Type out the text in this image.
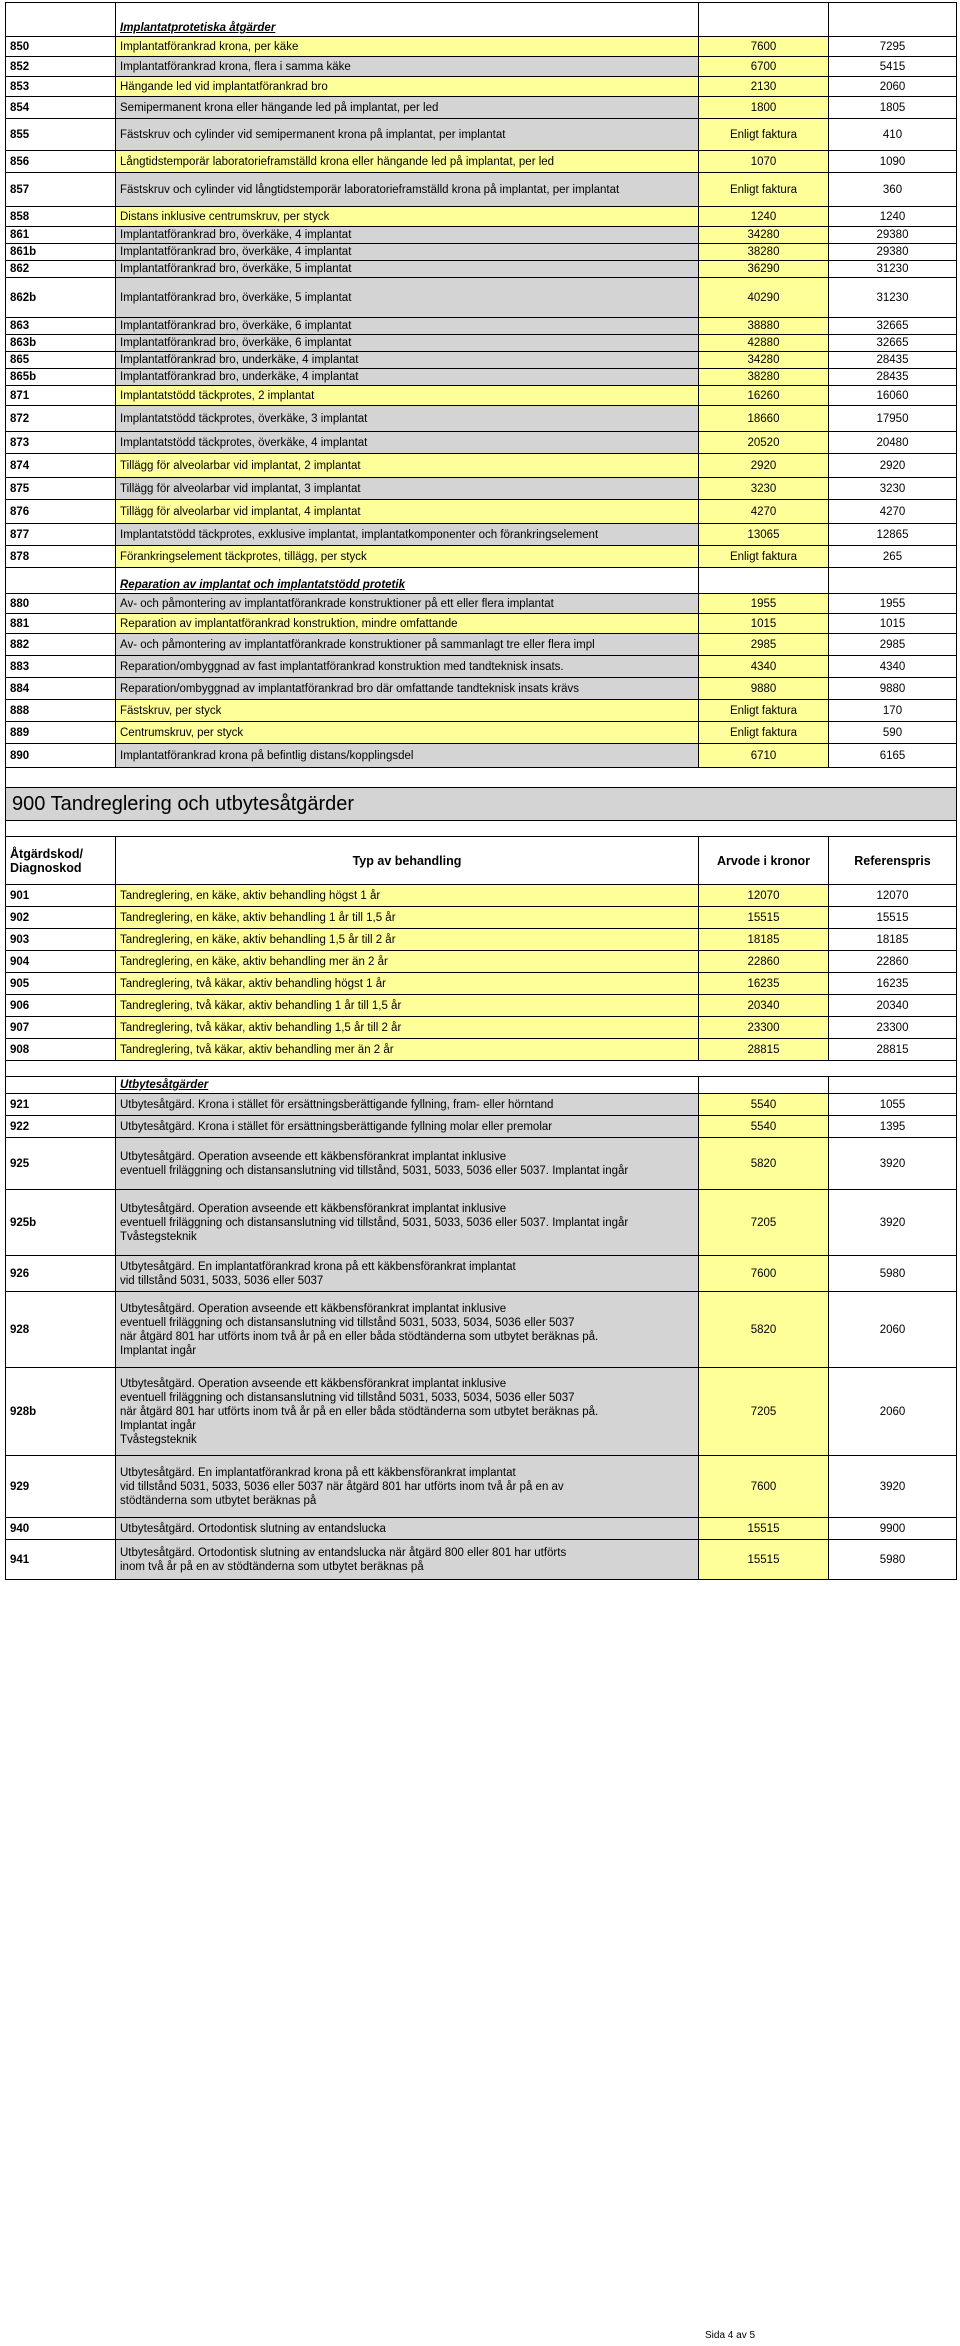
	Implantatprotetiska åtgärder		
850	Implantatförankrad krona, per käke	7600	7295
852	Implantatförankrad krona, flera i samma käke	6700	5415
853	Hängande led vid implantatförankrad bro	2130	2060
854	Semipermanent krona eller hängande led på implantat, per led	1800	1805
855	Fästskruv och cylinder vid semipermanent krona på implantat, per implantat	Enligt faktura	410
856	Långtidstemporär laboratorieframställd krona eller hängande led på implantat, per led	1070	1090
857	Fästskruv och cylinder vid långtidstemporär laboratorieframställd krona på implantat, per implantat	Enligt faktura	360
858	Distans inklusive centrumskruv, per styck	1240	1240
861	Implantatförankrad bro, överkäke, 4 implantat	34280	29380
861b	Implantatförankrad bro, överkäke, 4 implantat	38280	29380
862	Implantatförankrad bro, överkäke, 5 implantat	36290	31230
862b	Implantatförankrad bro, överkäke, 5 implantat	40290	31230
863	Implantatförankrad bro, överkäke, 6 implantat	38880	32665
863b	Implantatförankrad bro, överkäke, 6 implantat	42880	32665
865	Implantatförankrad bro, underkäke, 4 implantat	34280	28435
865b	Implantatförankrad bro, underkäke, 4 implantat	38280	28435
871	Implantatstödd täckprotes, 2 implantat	16260	16060
872	Implantatstödd täckprotes, överkäke, 3 implantat	18660	17950
873	Implantatstödd täckprotes, överkäke, 4 implantat	20520	20480
874	Tillägg för alveolarbar vid implantat, 2 implantat	2920	2920
875	Tillägg för alveolarbar vid implantat, 3 implantat	3230	3230
876	Tillägg för alveolarbar vid implantat, 4 implantat	4270	4270
877	Implantatstödd täckprotes, exklusive implantat, implantatkomponenter och förankringselement	13065	12865
878	Förankringselement täckprotes, tillägg, per styck	Enligt faktura	265
	Reparation av implantat och implantatstödd protetik		
880	Av- och påmontering av implantatförankrade konstruktioner på ett eller flera implantat	1955	1955
881	Reparation av implantatförankrad konstruktion, mindre omfattande	1015	1015
882	Av- och påmontering av implantatförankrade konstruktioner på sammanlagt tre eller flera impl	2985	2985
883	Reparation/ombyggnad av fast implantatförankrad konstruktion med tandteknisk insats.	4340	4340
884	Reparation/ombyggnad av implantatförankrad bro där omfattande tandteknisk insats krävs	9880	9880
888	Fästskruv, per styck	Enligt faktura	170
889	Centrumskruv, per styck	Enligt faktura	590
890	Implantatförankrad krona på befintlig distans/kopplingsdel	6710	6165

900 Tandreglering och utbytesåtgärder			

Åtgärdskod/ Diagnoskod	Typ av behandling	Arvode i kronor	Referenspris
901	Tandreglering, en käke, aktiv behandling högst 1 år	12070	12070
902	Tandreglering, en käke, aktiv behandling 1 år till 1,5 år	15515	15515
903	Tandreglering, en käke, aktiv behandling 1,5 år till 2 år	18185	18185
904	Tandreglering, en käke, aktiv behandling mer än 2 år	22860	22860
905	Tandreglering, två käkar, aktiv behandling högst 1 år	16235	16235
906	Tandreglering, två käkar, aktiv behandling 1 år till 1,5 år	20340	20340
907	Tandreglering, två käkar, aktiv behandling 1,5 år till 2 år	23300	23300
908	Tandreglering, två käkar, aktiv behandling mer än 2 år	28815	28815

	Utbytesåtgärder		
921	Utbytesåtgärd. Krona i stället för ersättningsberättigande fyllning, fram- eller hörntand	5540	1055
922	Utbytesåtgärd. Krona i stället för ersättningsberättigande fyllning molar eller premolar	5540	1395
925	Utbytesåtgärd. Operation avseende ett käkbensförankrat implantat inklusive
eventuell friläggning och distansanslutning vid tillstånd, 5031, 5033, 5036 eller 5037. Implantat ingår	5820	3920
925b	Utbytesåtgärd. Operation avseende ett käkbensförankrat implantat inklusive
eventuell friläggning och distansanslutning vid tillstånd, 5031, 5033, 5036 eller 5037. Implantat ingår
Tvåstegsteknik	7205	3920
926	Utbytesåtgärd. En implantatförankrad krona på ett käkbensförankrat implantat
vid tillstånd 5031, 5033, 5036 eller 5037	7600	5980
928	Utbytesåtgärd. Operation avseende ett käkbensförankrat implantat inklusive
eventuell friläggning och distansanslutning vid tillstånd 5031, 5033, 5034, 5036 eller 5037
när åtgärd 801 har utförts inom två år på en eller båda stödtänderna som utbytet beräknas på.
Implantat ingår	5820	2060
928b	Utbytesåtgärd. Operation avseende ett käkbensförankrat implantat inklusive
eventuell friläggning och distansanslutning vid tillstånd 5031, 5033, 5034, 5036 eller 5037
när åtgärd 801 har utförts inom två år på en eller båda stödtänderna som utbytet beräknas på.
Implantat ingår
Tvåstegsteknik	7205	2060
929	Utbytesåtgärd. En implantatförankrad krona på ett käkbensförankrat implantat
vid tillstånd 5031, 5033, 5036 eller 5037 när åtgärd 801 har utförts inom två år på en av
stödtänderna som utbytet beräknas på	7600	3920
940	Utbytesåtgärd. Ortodontisk slutning av entandslucka	15515	9900
941	Utbytesåtgärd. Ortodontisk slutning av entandslucka när åtgärd 800 eller 801 har utförts
inom två år på en av stödtänderna som utbytet beräknas på	15515	5980
Sida 4 av 5
